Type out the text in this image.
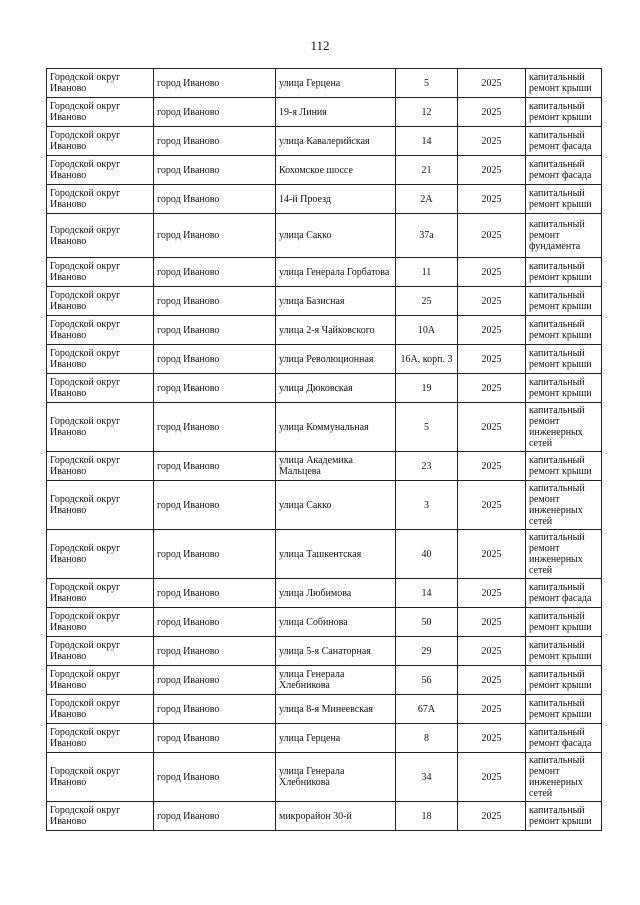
112
Городской округ Иваново	город Иваново	улица Герцена	5	2025	капитальный ремонт крыши
Городской округ Иваново	город Иваново	19-я Линия	12	2025	капитальный ремонт крыши
Городской округ Иваново	город Иваново	улица Кавалерийская	14	2025	капитальный ремонт фасада
Городской округ Иваново	город Иваново	Кохомское шоссе	21	2025	капитальный ремонт фасада
Городской округ Иваново	город Иваново	14-й Проезд	2А	2025	капитальный ремонт крыши
Городской округ Иваново	город Иваново	улица Сакко	37а	2025	капитальный ремонт фундамента
Городской округ Иваново	город Иваново	улица Генерала Горбатова	11	2025	капитальный ремонт крыши
Городской округ Иваново	город Иваново	улица Базисная	25	2025	капитальный ремонт крыши
Городской округ Иваново	город Иваново	улица 2-я Чайковского	10А	2025	капитальный ремонт крыши
Городской округ Иваново	город Иваново	улица Революционная	16А, корп. 3	2025	капитальный ремонт крыши
Городской округ Иваново	город Иваново	улица Дюковская	19	2025	капитальный ремонт крыши
Городской округ Иваново	город Иваново	улица Коммунальная	5	2025	капитальный ремонт инженерных сетей
Городской округ Иваново	город Иваново	улица Академика Мальцева	23	2025	капитальный ремонт крыши
Городской округ Иваново	город Иваново	улица Сакко	3	2025	капитальный ремонт инженерных сетей
Городской округ Иваново	город Иваново	улица Ташкентская	40	2025	капитальный ремонт инженерных сетей
Городской округ Иваново	город Иваново	улица Любимова	14	2025	капитальный ремонт фасада
Городской округ Иваново	город Иваново	улица Собинова	50	2025	капитальный ремонт крыши
Городской округ Иваново	город Иваново	улица 5-я Санаторная	29	2025	капитальный ремонт крыши
Городской округ Иваново	город Иваново	улица Генерала Хлебникова	56	2025	капитальный ремонт крыши
Городской округ Иваново	город Иваново	улица 8-я Минеевская	67А	2025	капитальный ремонт крыши
Городской округ Иваново	город Иваново	улица Герцена	8	2025	капитальный ремонт фасада
Городской округ Иваново	город Иваново	улица Генерала Хлебникова	34	2025	капитальный ремонт инженерных сетей
Городской округ Иваново	город Иваново	микрорайон 30-й	18	2025	капитальный ремонт крыши
